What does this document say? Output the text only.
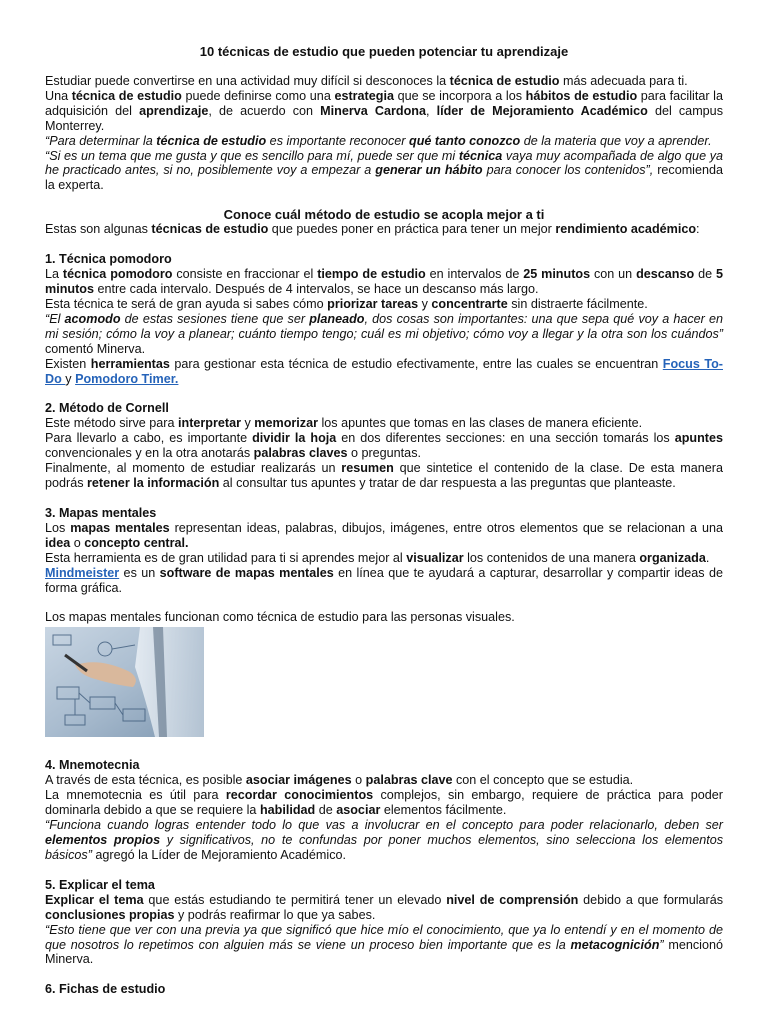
10 técnicas de estudio que pueden potenciar tu aprendizaje

Estudiar puede convertirse en una actividad muy difícil si desconoces la técnica de estudio más adecuada para ti.

Una técnica de estudio puede definirse como una estrategia que se incorpora a los hábitos de estudio para facilitar la adquisición del aprendizaje, de acuerdo con Minerva Cardona, líder de Mejoramiento Académico del campus Monterrey.

“Para determinar la técnica de estudio es importante reconocer qué tanto conozco de la materia que voy a aprender.

“Si es un tema que me gusta y que es sencillo para mí, puede ser que mi técnica vaya muy acompañada de algo que ya he practicado antes, si no, posiblemente voy a empezar a generar un hábito para conocer los contenidos”, recomienda la experta.

Conoce cuál método de estudio se acopla mejor a ti

Estas son algunas técnicas de estudio que puedes poner en práctica para tener un mejor rendimiento académico:

1. Técnica pomodoro

La técnica pomodoro consiste en fraccionar el tiempo de estudio en intervalos de 25 minutos con un descanso de 5 minutos entre cada intervalo. Después de 4 intervalos, se hace un descanso más largo.

Esta técnica te será de gran ayuda si sabes cómo priorizar tareas y concentrarte sin distraerte fácilmente.

“El acomodo de estas sesiones tiene que ser planeado, dos cosas son importantes: una que sepa qué voy a hacer en mi sesión; cómo la voy a planear; cuánto tiempo tengo; cuál es mi objetivo; cómo voy a llegar y la otra son los cuándos” comentó Minerva.

Existen herramientas para gestionar esta técnica de estudio efectivamente, entre las cuales se encuentran Focus To-Do y Pomodoro Timer.

2. Método de Cornell

Este método sirve para interpretar y memorizar los apuntes que tomas en las clases de manera eficiente.

Para llevarlo a cabo, es importante dividir la hoja en dos diferentes secciones: en una sección tomarás los apuntes convencionales y en la otra anotarás palabras claves o preguntas.

Finalmente, al momento de estudiar realizarás un resumen que sintetice el contenido de la clase. De esta manera podrás retener la información al consultar tus apuntes y tratar de dar respuesta a las preguntas que planteaste.

3. Mapas mentales

Los mapas mentales representan ideas, palabras, dibujos, imágenes, entre otros elementos que se relacionan a una idea o concepto central.

Esta herramienta es de gran utilidad para ti si aprendes mejor al visualizar los contenidos de una manera organizada.

Mindmeister es un software de mapas mentales en línea que te ayudará a capturar, desarrollar y compartir ideas de forma gráfica.

Los mapas mentales funcionan como técnica de estudio para las personas visuales.

4. Mnemotecnia

A través de esta técnica, es posible asociar imágenes o palabras clave con el concepto que se estudia.

La mnemotecnia es útil para recordar conocimientos complejos, sin embargo, requiere de práctica para poder dominarla debido a que se requiere la habilidad de asociar elementos fácilmente.

“Funciona cuando logras entender todo lo que vas a involucrar en el concepto para poder relacionarlo, deben ser elementos propios y significativos, no te confundas por poner muchos elementos, sino selecciona los elementos básicos” agregó la Líder de Mejoramiento Académico.

5. Explicar el tema

Explicar el tema que estás estudiando te permitirá tener un elevado nivel de comprensión debido a que formularás conclusiones propias y podrás reafirmar lo que ya sabes.

“Esto tiene que ver con una previa ya que significó que hice mío el conocimiento, que ya lo entendí y en el momento de que nosotros lo repetimos con alguien más se viene un proceso bien importante que es la metacognición” mencionó Minerva.

6. Fichas de estudio
